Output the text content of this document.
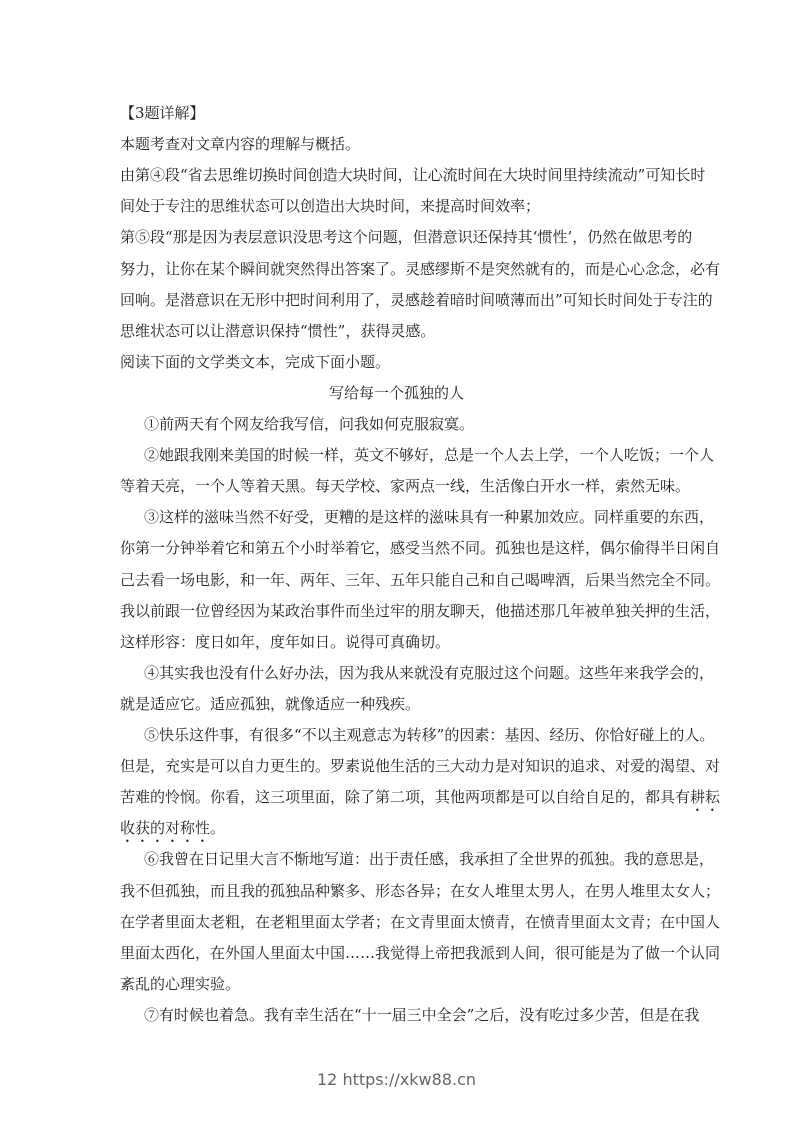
【3题详解】
本题考查对文章内容的理解与概括。
由第④段“省去思维切换时间创造大块时间，让心流时间在大块时间里持续流动”可知长时
间处于专注的思维状态可以创造出大块时间，来提高时间效率；
第⑤段“那是因为表层意识没思考这个问题，但潜意识还保持其‘惯性’，仍然在做思考的
努力，让你在某个瞬间就突然得出答案了。灵感缪斯不是突然就有的，而是心心念念，必有
回响。是潜意识在无形中把时间利用了，灵感趁着暗时间喷薄而出”可知长时间处于专注的
思维状态可以让潜意识保持“惯性”，获得灵感。
阅读下面的文学类文本，完成下面小题。
写给每一个孤独的人
①前两天有个网友给我写信，问我如何克服寂寞。
②她跟我刚来美国的时候一样，英文不够好，总是一个人去上学，一个人吃饭；一个人
等着天亮，一个人等着天黑。每天学校、家两点一线，生活像白开水一样，索然无味。
③这样的滋味当然不好受，更糟的是这样的滋味具有一种累加效应。同样重要的东西，
你第一分钟举着它和第五个小时举着它，感受当然不同。孤独也是这样，偶尔偷得半日闲自
己去看一场电影，和一年、两年、三年、五年只能自己和自己喝啤酒，后果当然完全不同。
我以前跟一位曾经因为某政治事件而坐过牢的朋友聊天，他描述那几年被单独关押的生活，
这样形容：度日如年，度年如日。说得可真确切。
④其实我也没有什么好办法，因为我从来就没有克服过这个问题。这些年来我学会的，
就是适应它。适应孤独，就像适应一种残疾。
⑤快乐这件事，有很多“不以主观意志为转移”的因素：基因、经历、你恰好碰上的人。
但是，充实是可以自力更生的。罗素说他生活的三大动力是对知识的追求、对爱的渴望、对
苦难的怜悯。你看，这三项里面，除了第二项，其他两项都是可以自给自足的，都具有耕耘
收获的对称性。
⑥我曾在日记里大言不惭地写道：出于责任感，我承担了全世界的孤独。我的意思是，
我不但孤独，而且我的孤独品种繁多、形态各异；在女人堆里太男人，在男人堆里太女人；
在学者里面太老粗，在老粗里面太学者；在文青里面太愤青，在愤青里面太文青；在中国人
里面太西化，在外国人里面太中国……我觉得上帝把我派到人间，很可能是为了做一个认同
紊乱的心理实验。
⑦有时候也着急。我有幸生活在“十一届三中全会”之后，没有吃过多少苦，但是在我
12 https://xkw88.cn
